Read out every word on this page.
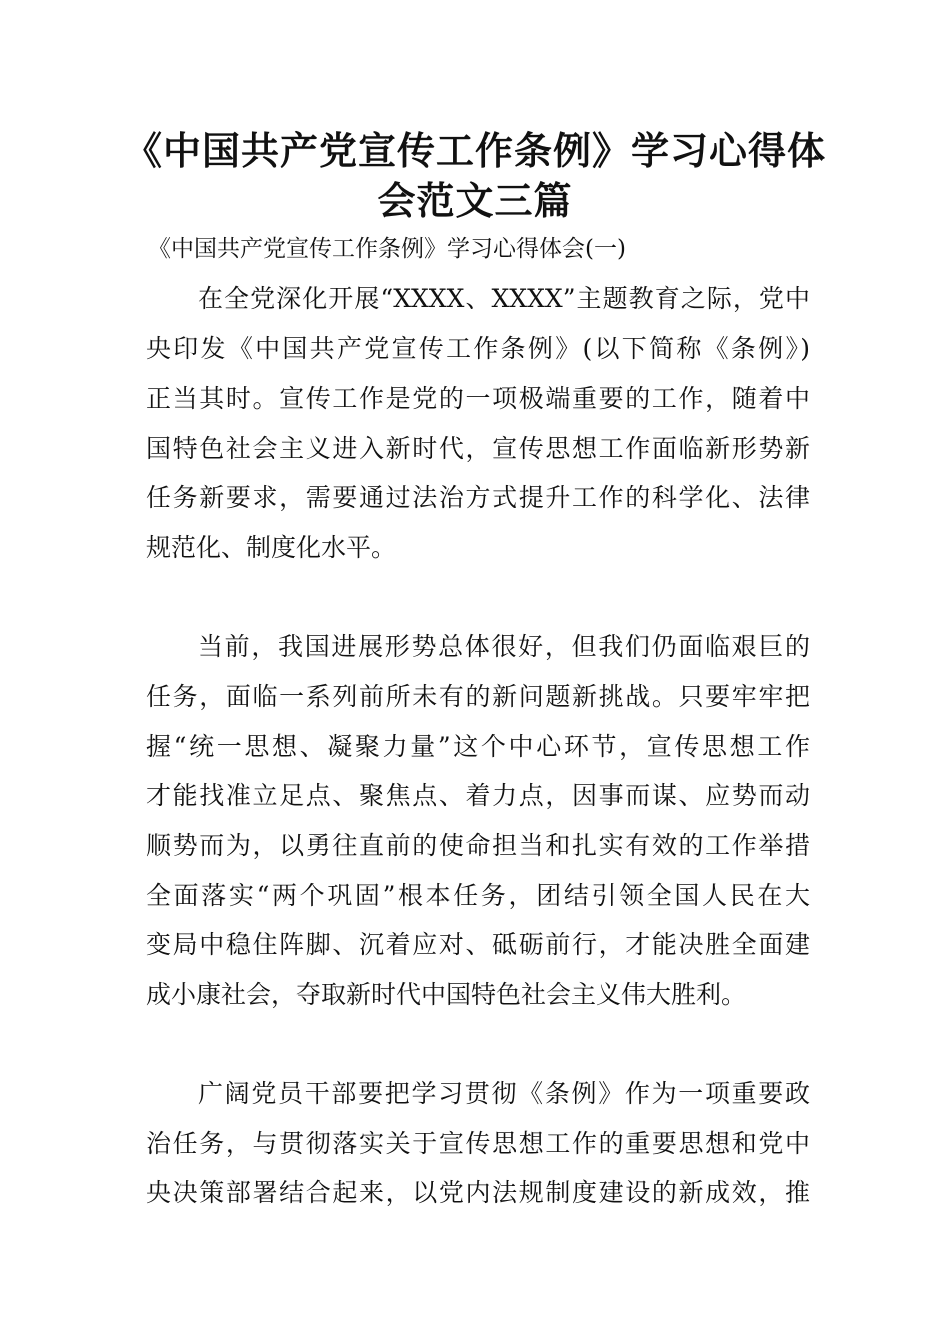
《中国共产党宣传工作条例》学习心得体
会范文三篇
《中国共产党宣传工作条例》学习心得体会(一)
在全党深化开展“XXXX、XXXX”主题教育之际，党中
央印发《中国共产党宣传工作条例》(以下简称《条例》)
正当其时。宣传工作是党的一项极端重要的工作，随着中
国特色社会主义进入新时代，宣传思想工作面临新形势新
任务新要求，需要通过法治方式提升工作的科学化、法律
规范化、制度化水平。
当前，我国进展形势总体很好，但我们仍面临艰巨的
任务，面临一系列前所未有的新问题新挑战。只要牢牢把
握“统一思想、凝聚力量”这个中心环节，宣传思想工作
才能找准立足点、聚焦点、着力点，因事而谋、应势而动
顺势而为，以勇往直前的使命担当和扎实有效的工作举措
全面落实“两个巩固”根本任务，团结引领全国人民在大
变局中稳住阵脚、沉着应对、砥砺前行，才能决胜全面建
成小康社会，夺取新时代中国特色社会主义伟大胜利。
广阔党员干部要把学习贯彻《条例》作为一项重要政
治任务，与贯彻落实关于宣传思想工作的重要思想和党中
央决策部署结合起来，以党内法规制度建设的新成效，推
